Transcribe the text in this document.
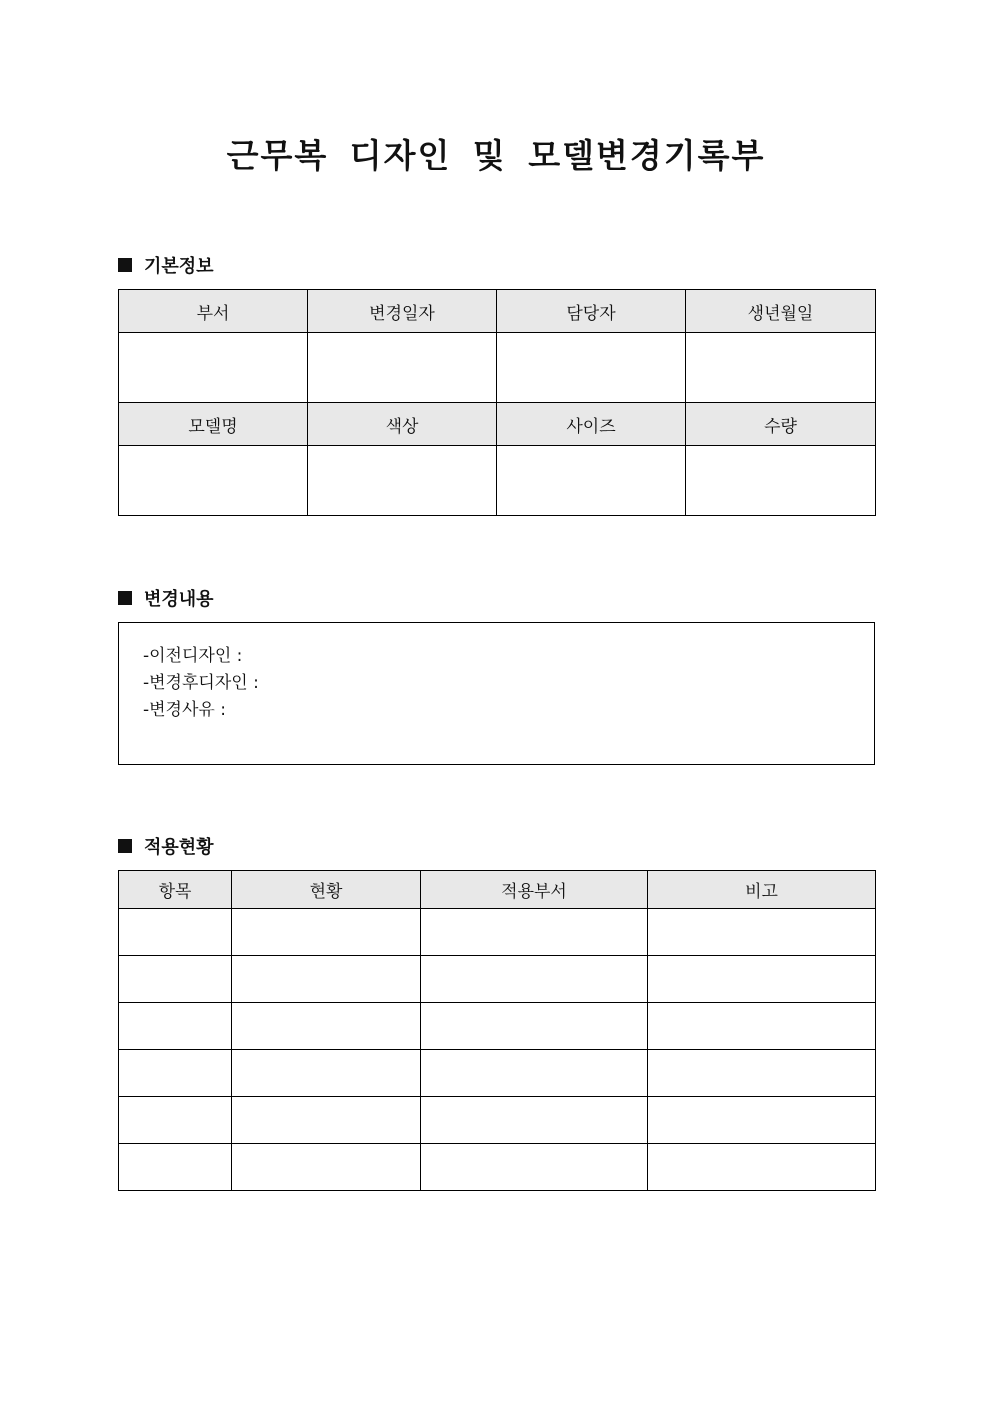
근무복 디자인 및 모델변경기록부
기본정보
부서	변경일자	담당자	생년월일

모델명	색상	사이즈	수량

변경내용
-이전디자인 :
-변경후디자인 :
-변경사유 :
적용현황
항목	현황	적용부서	비고
